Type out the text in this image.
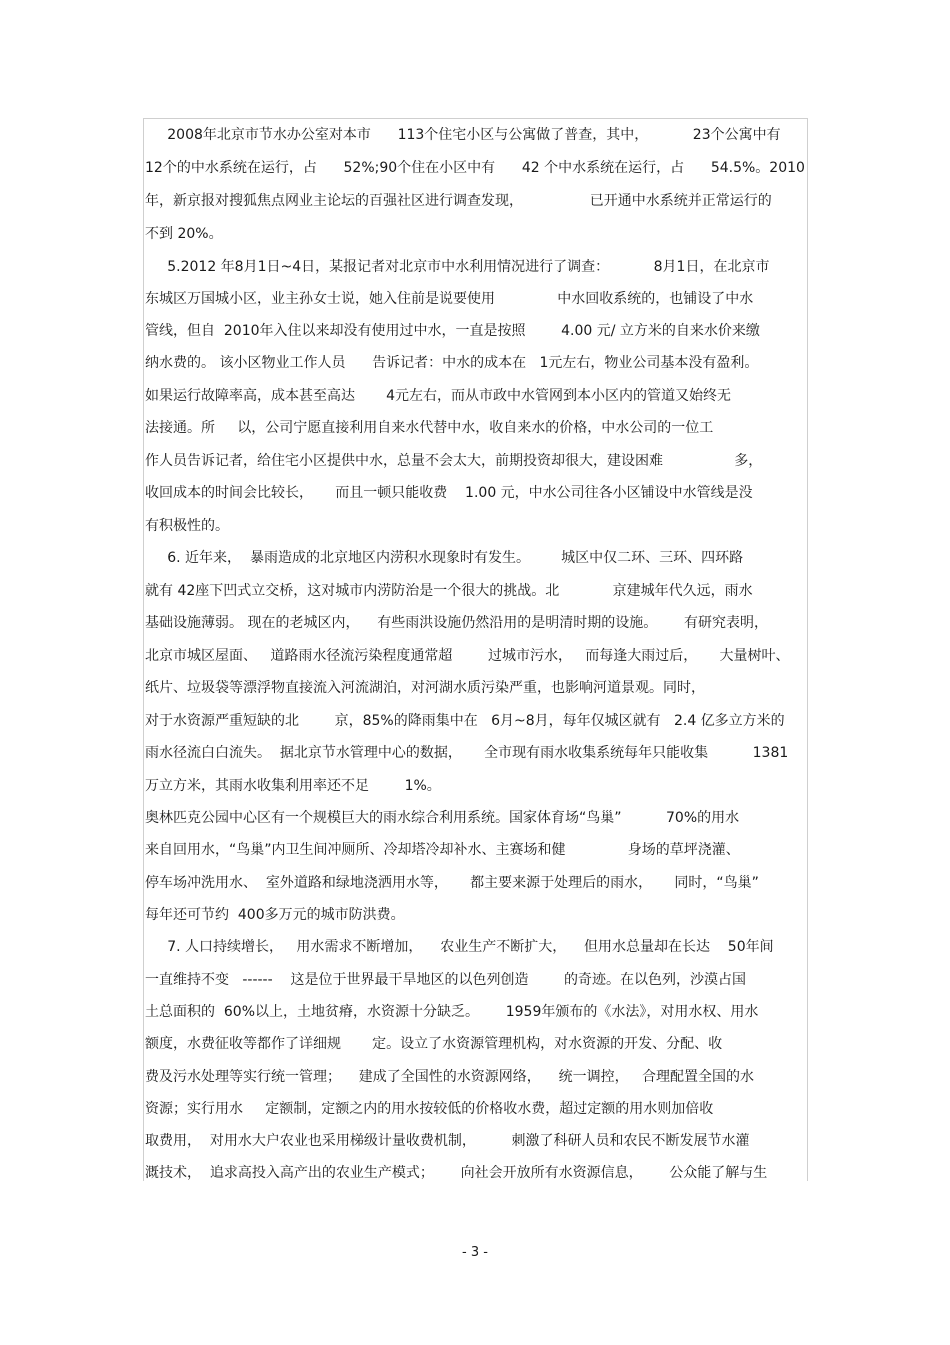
2008年北京市节水办公室对本市      113个住宅小区与公寓做了普查，其中，          23个公寓中有
12个的中水系统在运行，占      52%;90个住在小区中有      42 个中水系统在运行，占      54.5%。2010
年，新京报对搜狐焦点网业主论坛的百强社区进行调查发现，               已开通中水系统并正常运行的
不到 20%。
5.2012 年8月1日~4日，某报记者对北京市中水利用情况进行了调查：          8月1日，在北京市
东城区万国城小区，业主孙女士说，她入住前是说要使用              中水回收系统的，也铺设了中水
管线，但自  2010年入住以来却没有使用过中水，一直是按照        4.00 元/ 立方米的自来水价来缴
纳水费的。 该小区物业工作人员      告诉记者：中水的成本在   1元左右，物业公司基本没有盈利。
如果运行故障率高，成本甚至高达       4元左右，而从市政中水管网到本小区内的管道又始终无
法接通。所     以，公司宁愿直接利用自来水代替中水，收自来水的价格，中水公司的一位工
作人员告诉记者，给住宅小区提供中水，总量不会太大，前期投资却很大，建设困难                多，
收回成本的时间会比较长，     而且一顿只能收费    1.00 元，中水公司往各小区铺设中水管线是没
有积极性的。
6. 近年来，  暴雨造成的北京地区内涝积水现象时有发生。       城区中仅二环、三环、四环路
就有 42座下凹式立交桥，这对城市内涝防治是一个很大的挑战。北            京建城年代久远，雨水
基础设施薄弱。 现在的老城区内，    有些雨洪设施仍然沿用的是明清时期的设施。      有研究表明，
北京市城区屋面、   道路雨水径流污染程度通常超        过城市污水，   而每逢大雨过后，     大量树叶、
纸片、垃圾袋等漂浮物直接流入河流湖泊，对河湖水质污染严重，也影响河道景观。同时，
对于水资源严重短缺的北        京，85%的降雨集中在   6月~8月，每年仅城区就有   2.4 亿多立方米的
雨水径流白白流失。  据北京节水管理中心的数据，     全市现有雨水收集系统每年只能收集          1381
万立方米，其雨水收集利用率还不足        1%。
奥林匹克公园中心区有一个规模巨大的雨水综合利用系统。国家体育场“鸟巢”          70%的用水
来自回用水，“鸟巢”内卫生间冲厕所、冷却塔冷却补水、主赛场和健              身场的草坪浇灌、
停车场冲洗用水、  室外道路和绿地浇洒用水等，     都主要来源于处理后的雨水，     同时，“鸟巢”
每年还可节约  400多万元的城市防洪费。
7. 人口持续增长，   用水需求不断增加，    农业生产不断扩大，    但用水总量却在长达    50年间
一直维持不变   ------    这是位于世界最干旱地区的以色列创造        的奇迹。在以色列，沙漠占国
土总面积的  60%以上，土地贫瘠，水资源十分缺乏。      1959年颁布的《水法》，对用水权、用水
额度，水费征收等都作了详细规       定。设立了水资源管理机构，对水资源的开发、分配、收
费及污水处理等实行统一管理；    建成了全国性的水资源网络，    统一调控，   合理配置全国的水
资源；实行用水     定额制，定额之内的用水按较低的价格收水费，超过定额的用水则加倍收
取费用，  对用水大户农业也采用梯级计量收费机制，        刺激了科研人员和农民不断发展节水灌
溉技术，  追求高投入高产出的农业生产模式；      向社会开放所有水资源信息，      公众能了解与生
- 3 -
